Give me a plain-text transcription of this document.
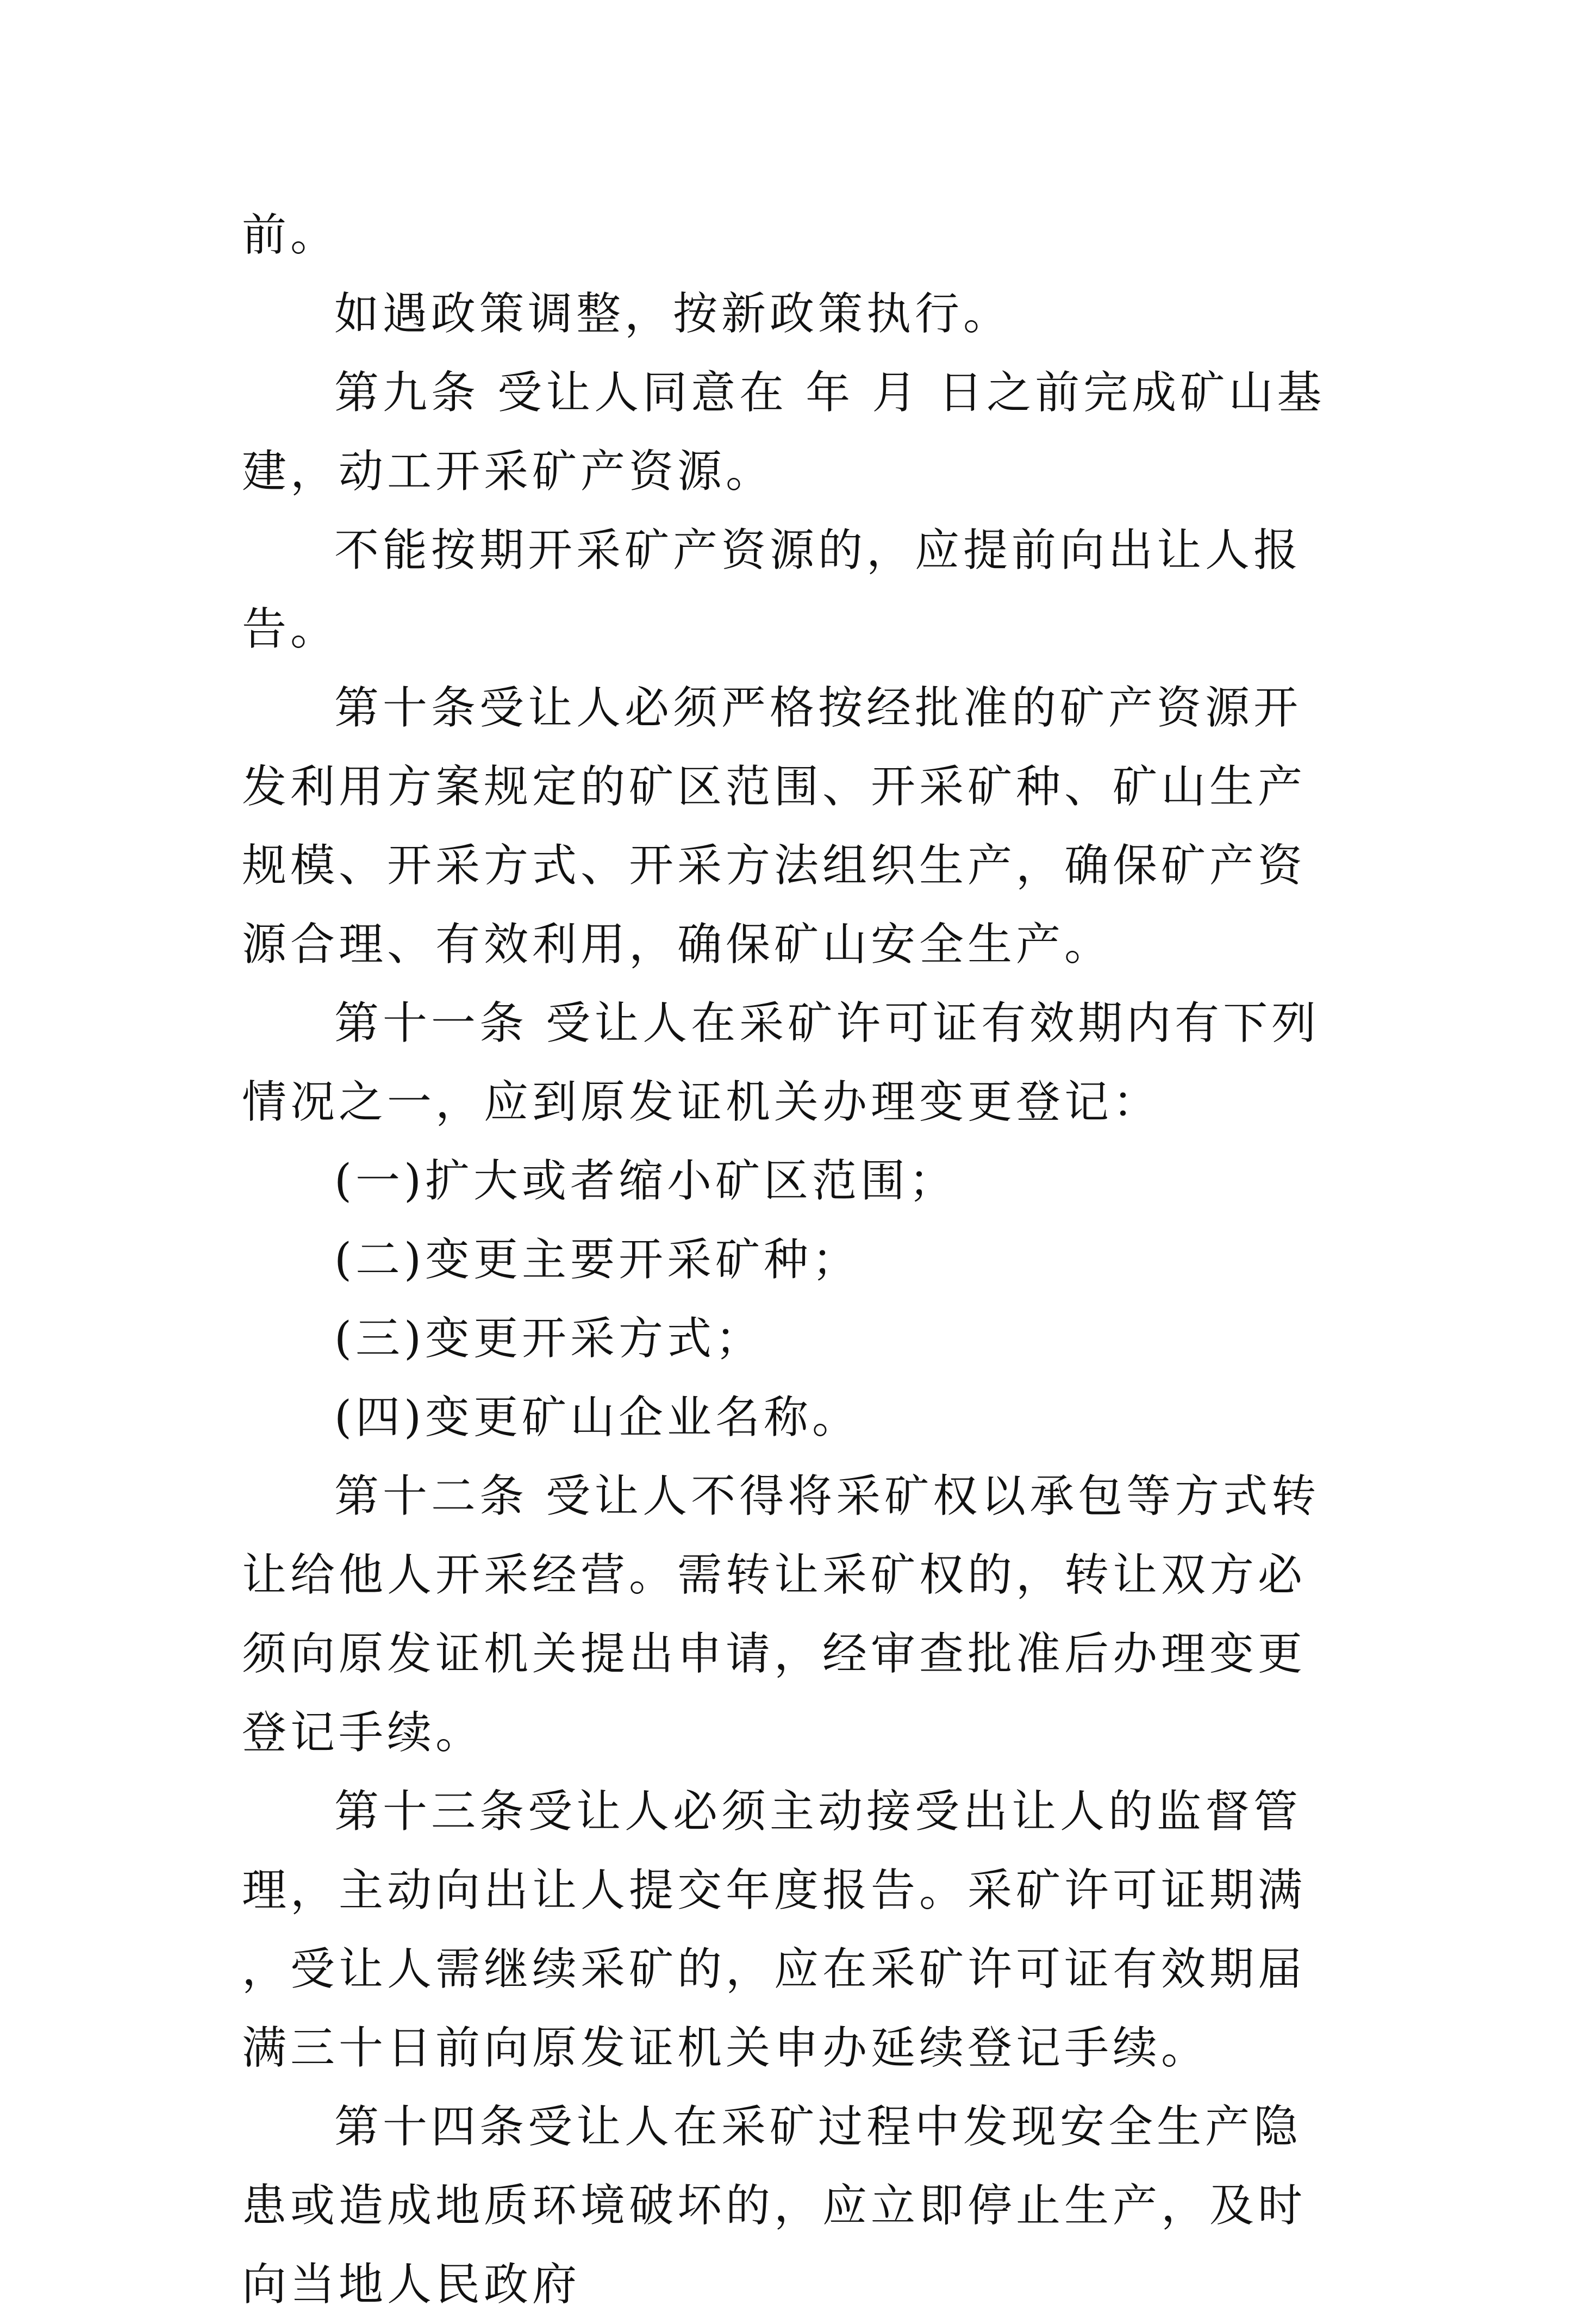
前。

如遇政策调整，按新政策执行。

第九条 受让人同意在 年 月 日之前完成矿山基建，动工开采矿产资源。

不能按期开采矿产资源的，应提前向出让人报告。

第十条受让人必须严格按经批准的矿产资源开发利用方案规定的矿区范围、开采矿种、矿山生产规模、开采方式、开采方法组织生产，确保矿产资源合理、有效利用，确保矿山安全生产。

第十一条 受让人在采矿许可证有效期内有下列情况之一，应到原发证机关办理变更登记：

(一)扩大或者缩小矿区范围；

(二)变更主要开采矿种；

(三)变更开采方式；

(四)变更矿山企业名称。

第十二条 受让人不得将采矿权以承包等方式转让给他人开采经营。需转让采矿权的，转让双方必须向原发证机关提出申请，经审查批准后办理变更登记手续。

第十三条受让人必须主动接受出让人的监督管理，主动向出让人提交年度报告。采矿许可证期满，受让人需继续采矿的，应在采矿许可证有效期届满三十日前向原发证机关申办延续登记手续。

第十四条受让人在采矿过程中发现安全生产隐患或造成地质环境破坏的，应立即停止生产，及时向当地人民政府
